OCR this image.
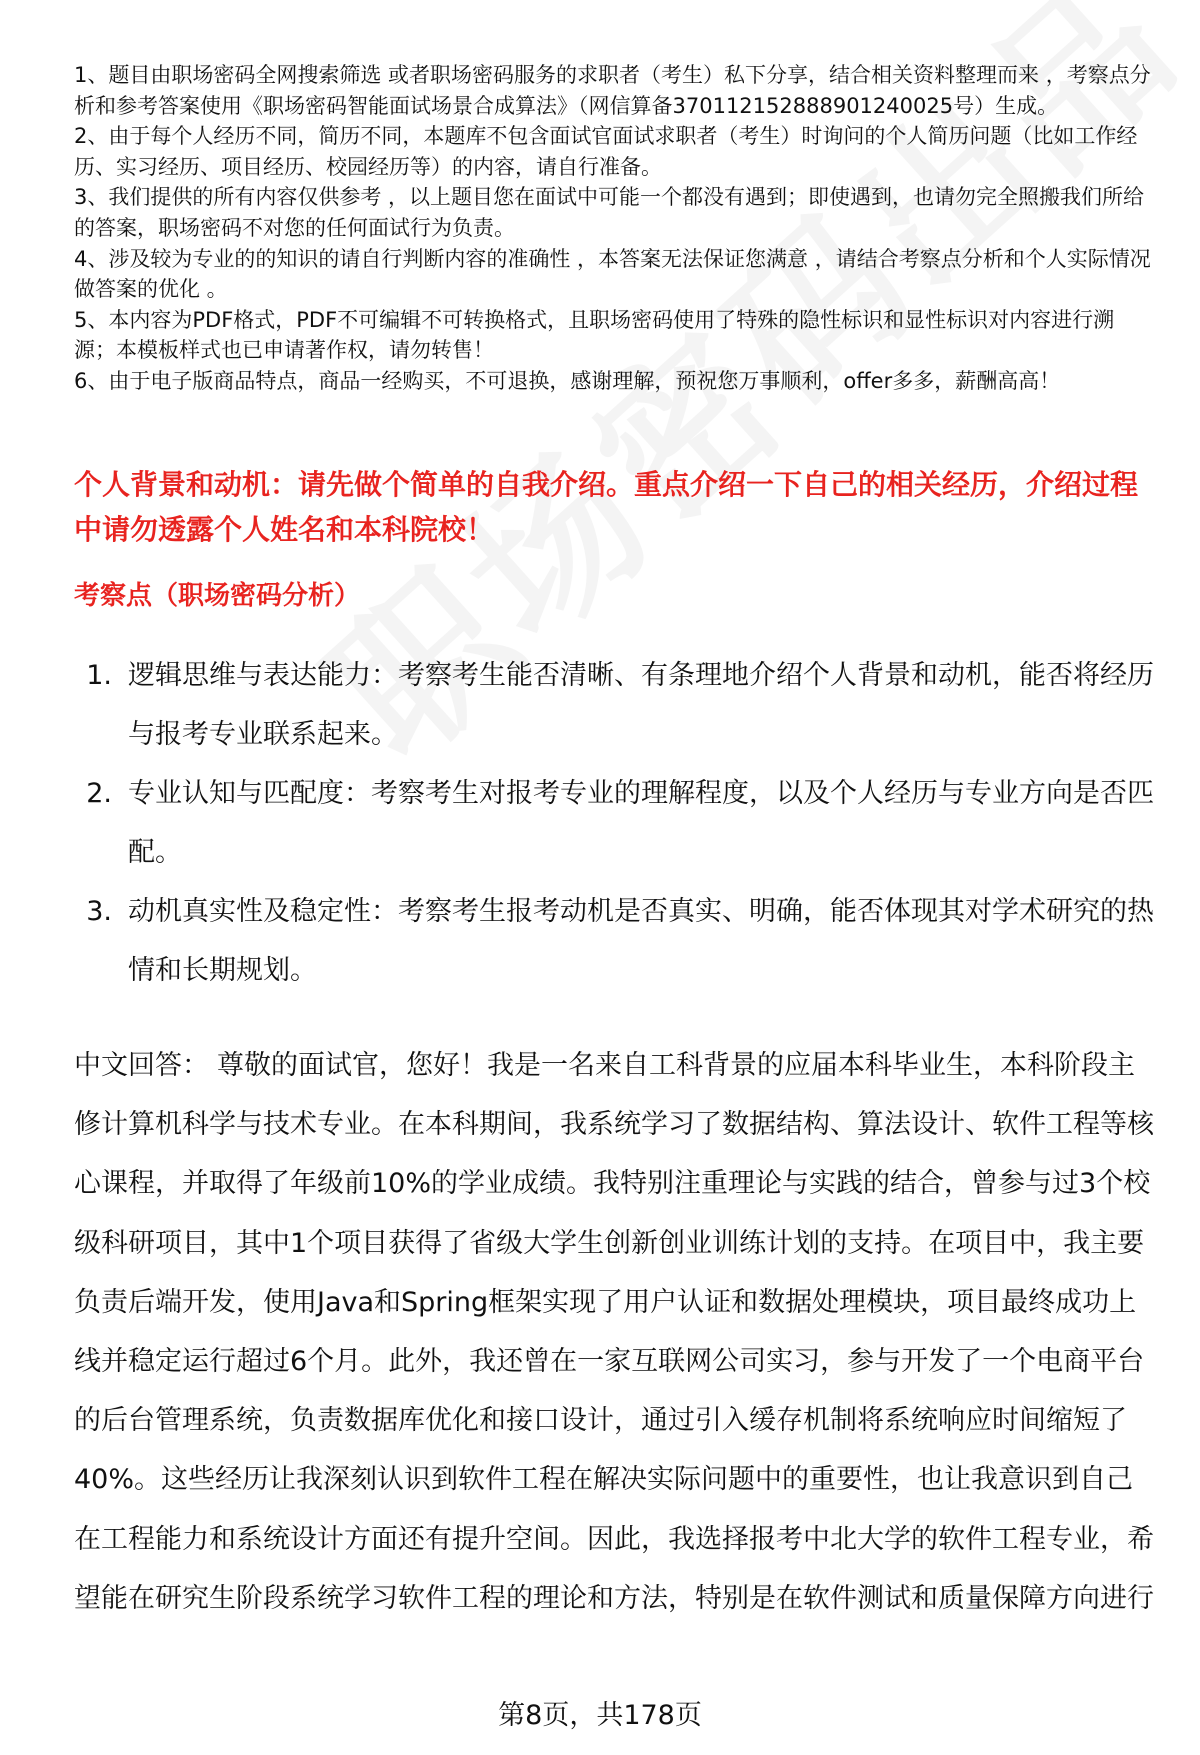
1、题目由职场密码全网搜索筛选 或者职场密码服务的求职者（考生）私下分享，结合相关资料整理而来 ，考察点分析和参考答案使用《职场密码智能面试场景合成算法》（网信算备370112152888901240025号）生成。
2、由于每个人经历不同，简历不同，本题库不包含面试官面试求职者（考生）时询问的个人简历问题（比如工作经历、实习经历、项目经历、校园经历等）的内容，请自行准备。
3、我们提供的所有内容仅供参考 ，以上题目您在面试中可能一个都没有遇到；即使遇到，也请勿完全照搬我们所给的答案，职场密码不对您的任何面试行为负责。
4、涉及较为专业的的知识的请自行判断内容的准确性 ，本答案无法保证您满意 ，请结合考察点分析和个人实际情况做答案的优化 。
5、本内容为PDF格式，PDF不可编辑不可转换格式，且职场密码使用了特殊的隐性标识和显性标识对内容进行溯源；本模板样式也已申请著作权，请勿转售！
6、由于电子版商品特点，商品一经购买，不可退换，感谢理解，预祝您万事顺利，offer多多，薪酬高高！
个人背景和动机：请先做个简单的自我介绍。重点介绍一下自己的相关经历，介绍过程中请勿透露个人姓名和本科院校！
考察点（职场密码分析）
1. 逻辑思维与表达能力：考察考生能否清晰、有条理地介绍个人背景和动机，能否将经历与报考专业联系起来。
2. 专业认知与匹配度：考察考生对报考专业的理解程度，以及个人经历与专业方向是否匹配。
3. 动机真实性及稳定性：考察考生报考动机是否真实、明确，能否体现其对学术研究的热情和长期规划。

中文回答： 尊敬的面试官，您好！我是一名来自工科背景的应届本科毕业生，本科阶段主修计算机科学与技术专业。在本科期间，我系统学习了数据结构、算法设计、软件工程等核心课程，并取得了年级前10%的学业成绩。我特别注重理论与实践的结合，曾参与过3个校级科研项目，其中1个项目获得了省级大学生创新创业训练计划的支持。在项目中，我主要负责后端开发，使用Java和Spring框架实现了用户认证和数据处理模块，项目最终成功上线并稳定运行超过6个月。此外，我还曾在一家互联网公司实习，参与开发了一个电商平台的后台管理系统，负责数据库优化和接口设计，通过引入缓存机制将系统响应时间缩短了40%。这些经历让我深刻认识到软件工程在解决实际问题中的重要性，也让我意识到自己在工程能力和系统设计方面还有提升空间。因此，我选择报考中北大学的软件工程专业，希望能在研究生阶段系统学习软件工程的理论和方法，特别是在软件测试和质量保障方向进行

第8页，共178页
